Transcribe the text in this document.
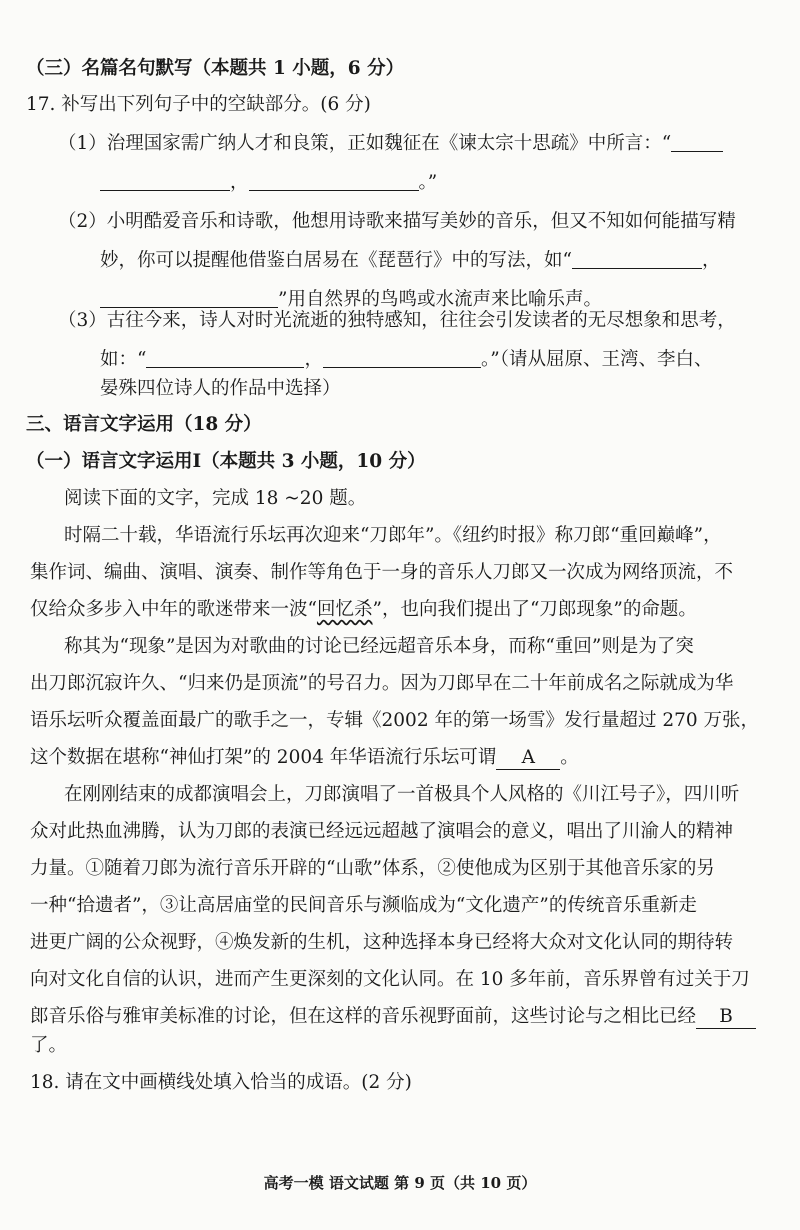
（三）名篇名句默写（本题共 1 小题，6 分）
17. 补写出下列句子中的空缺部分。(6 分)
（1）治理国家需广纳人才和良策，正如魏征在《谏太宗十思疏》中所言：“
，	。”
（2）小明酷爱音乐和诗歌，他想用诗歌来描写美妙的音乐，但又不知如何能描写精
妙，你可以提醒他借鉴白居易在《琵琶行》中的写法，如“	，
”用自然界的鸟鸣或水流声来比喻乐声。
（3）古往今来，诗人对时光流逝的独特感知，往往会引发读者的无尽想象和思考，
如：“	，	。”（请从屈原、王湾、李白、
晏殊四位诗人的作品中选择）
三、语言文字运用（18 分）
（一）语言文字运用Ⅰ（本题共 3 小题，10 分）
阅读下面的文字，完成 18 ~20 题。
时隔二十载，华语流行乐坛再次迎来“刀郎年”。《纽约时报》称刀郎“重回巅峰”，
集作词、编曲、演唱、演奏、制作等角色于一身的音乐人刀郎又一次成为网络顶流，不
仅给众多步入中年的歌迷带来一波“回忆杀”，也向我们提出了“刀郎现象”的命题。
称其为“现象”是因为对歌曲的讨论已经远超音乐本身，而称“重回”则是为了突
出刀郎沉寂许久、“归来仍是顶流”的号召力。因为刀郎早在二十年前成名之际就成为华
语乐坛听众覆盖面最广的歌手之一，专辑《2002 年的第一场雪》发行量超过 270 万张，
这个数据在堪称“神仙打架”的 2004 年华语流行乐坛可谓 A 。
在刚刚结束的成都演唱会上，刀郎演唱了一首极具个人风格的《川江号子》，四川听
众对此热血沸腾，认为刀郎的表演已经远远超越了演唱会的意义，唱出了川渝人的精神
力量。①随着刀郎为流行音乐开辟的“山歌”体系，②使他成为区别于其他音乐家的另
一种“拾遗者”，③让高居庙堂的民间音乐与濒临成为“文化遗产”的传统音乐重新走
进更广阔的公众视野，④焕发新的生机，这种选择本身已经将大众对文化认同的期待转
向对文化自信的认识，进而产生更深刻的文化认同。在 10 多年前，音乐界曾有过关于刀
郎音乐俗与雅审美标准的讨论，但在这样的音乐视野面前，这些讨论与之相比已经 B
了。
18. 请在文中画横线处填入恰当的成语。(2 分)
高考一模 语文试题 第 9 页（共 10 页）
